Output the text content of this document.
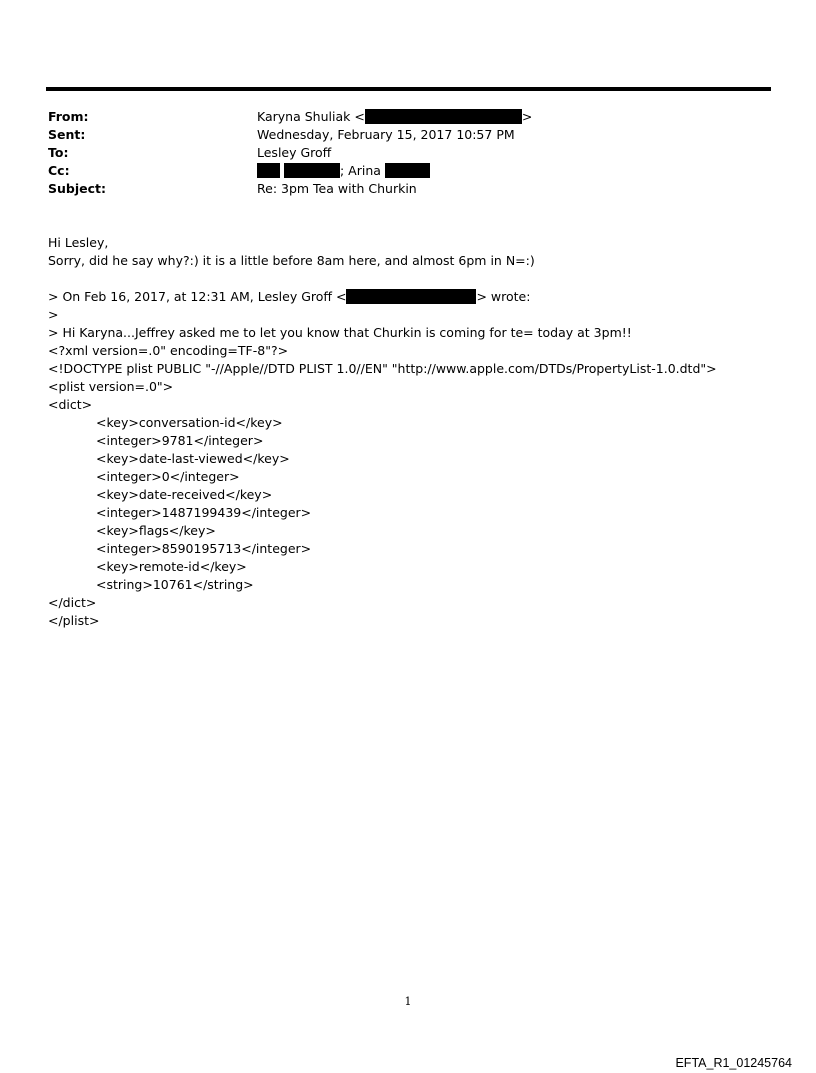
From:	Karyna Shuliak <	>
Sent:	Wednesday, February 15, 2017 10:57 PM
To:	Lesley Groff
Cc:	; Arina
Subject:	Re: 3pm Tea with Churkin
Hi Lesley,
Sorry, did he say why?:) it is a little before 8am here, and almost 6pm in N=:)
> On Feb 16, 2017, at 12:31 AM, Lesley Groff <	> wrote:
>
> Hi Karyna...Jeffrey asked me to let you know that Churkin is coming for te= today at 3pm!!
<?xml version=.0" encoding=TF-8"?>
<!DOCTYPE plist PUBLIC "-//Apple//DTD PLIST 1.0//EN" "http://www.apple.com/DTDs/PropertyList-1.0.dtd">
<plist version=.0">
<dict>
<key>conversation-id</key>
<integer>9781</integer>
<key>date-last-viewed</key>
<integer>0</integer>
<key>date-received</key>
<integer>1487199439</integer>
<key>flags</key>
<integer>8590195713</integer>
<key>remote-id</key>
<string>10761</string>
</dict>
</plist>
1
EFTA_R1_01245764
